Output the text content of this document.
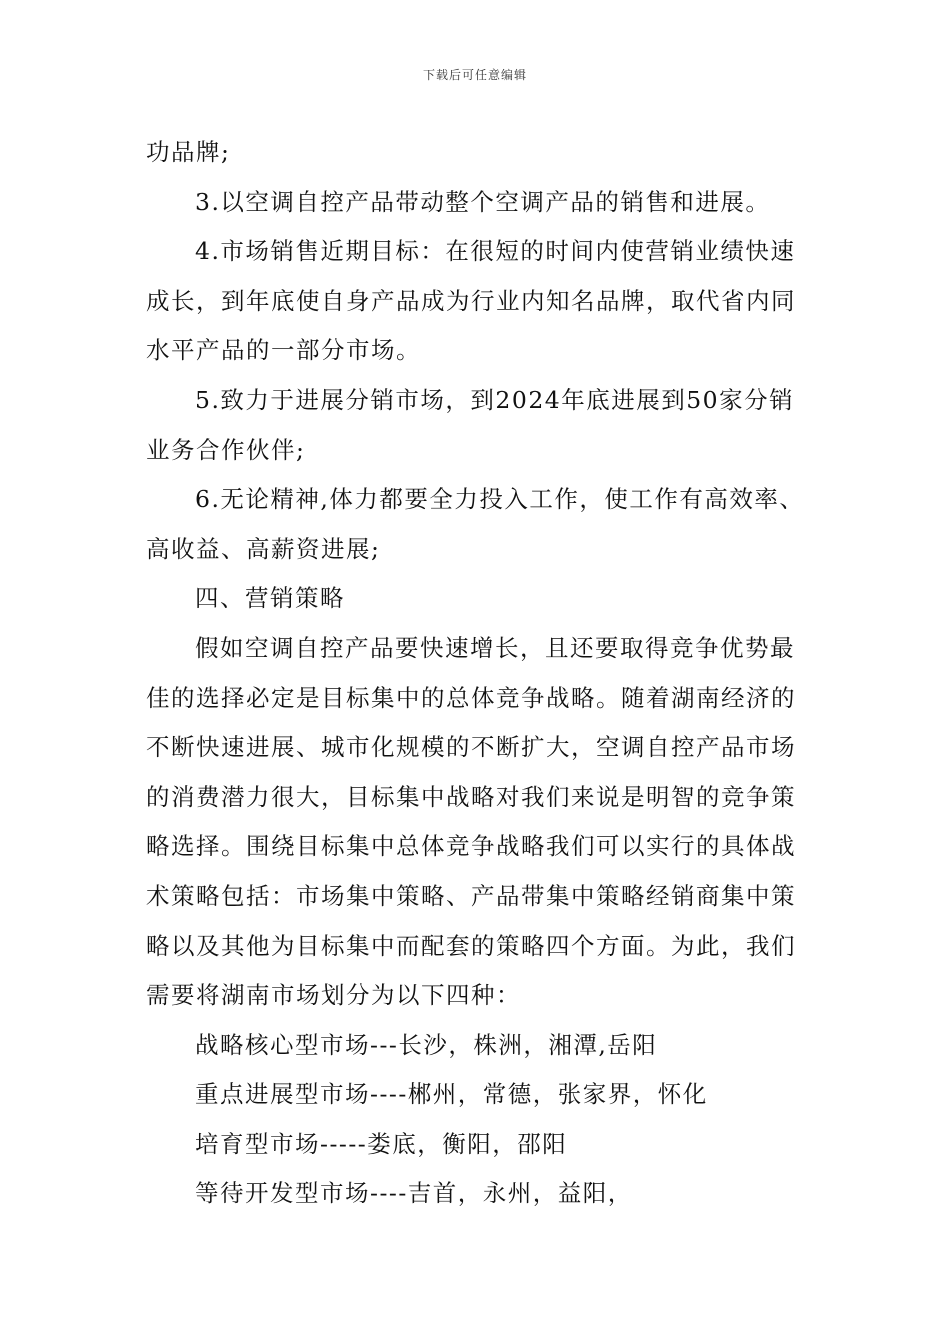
下载后可任意编辑

功品牌;

3.以空调自控产品带动整个空调产品的销售和进展。

4.市场销售近期目标：在很短的时间内使营销业绩快速成长，到年底使自身产品成为行业内知名品牌，取代省内同水平产品的一部分市场。

5.致力于进展分销市场，到2024年底进展到50家分销业务合作伙伴;

6.无论精神,体力都要全力投入工作，使工作有高效率、高收益、高薪资进展;

四、营销策略

假如空调自控产品要快速增长，且还要取得竞争优势最佳的选择必定是目标集中的总体竞争战略。随着湖南经济的不断快速进展、城市化规模的不断扩大，空调自控产品市场的消费潜力很大，目标集中战略对我们来说是明智的竞争策略选择。围绕目标集中总体竞争战略我们可以实行的具体战术策略包括：市场集中策略、产品带集中策略经销商集中策略以及其他为目标集中而配套的策略四个方面。为此，我们需要将湖南市场划分为以下四种：

战略核心型市场---长沙，株洲，湘潭,岳阳

重点进展型市场----郴州，常德，张家界，怀化

培育型市场-----娄底，衡阳，邵阳

等待开发型市场----吉首，永州，益阳，
